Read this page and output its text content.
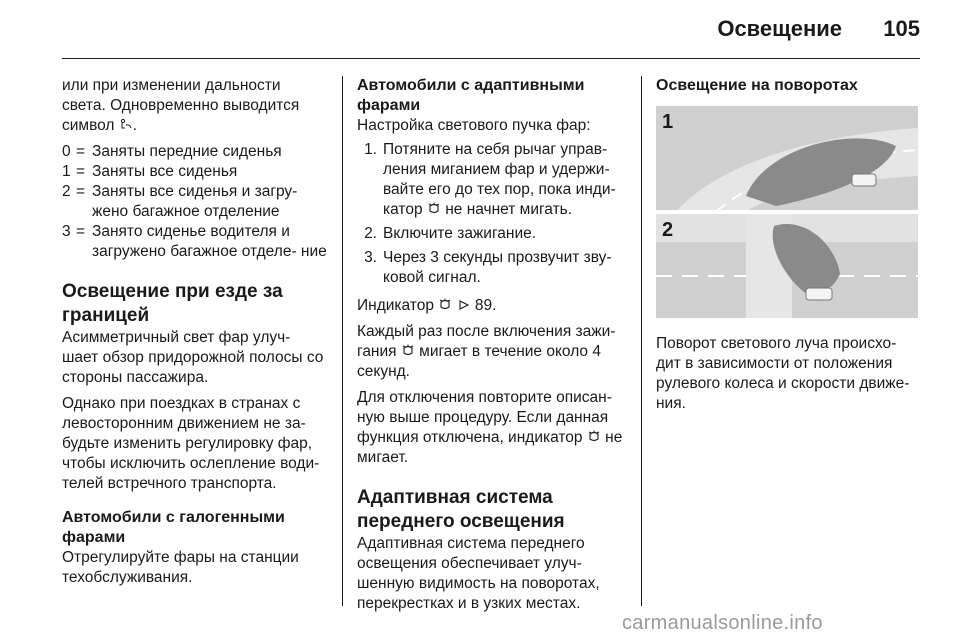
Освещение 105

или при изменении дальности

света. Одновременно выводится

символ .

0 = Заняты передние сиденья
1 = Заняты все сиденья
2 = Заняты все сиденья и загру‑ жено багажное отделение
3 = Занято сиденье водителя и загружено багажное отделе‑ ние
Освещение при езде за границей

Асимметричный свет фар улуч‑ шает обзор придорожной полосы со стороны пассажира.

Однако при поездках в странах с левосторонним движением не за‑ будьте изменить регулировку фар, чтобы исключить ослепление води‑ телей встречного транспорта.

Автомобили с галогенными фарами

Отрегулируйте фары на станции техобслуживания.

Автомобили с адаптивными фарами

Настройка светового пучка фар:

1. Потяните на себя рычаг управ‑ ления миганием фар и удержи‑ вайте его до тех пор, пока инди‑ катор не начнет мигать.
2. Включите зажигание.
3. Через 3 секунды прозвучит зву‑ ковой сигнал.

Индикатор	89.

Каждый раз после включения зажи‑ гания мигает в течение около 4 секунд.

Для отключения повторите описан‑ ную выше процедуру. Если данная функция отключена, индикатор не мигает.

Адаптивная система переднего освещения

Адаптивная система переднего освещения обеспечивает улуч‑ шенную видимость на поворотах, перекрестках и в узких местах.

Освещение на поворотах
1
2

Поворот светового луча происхо‑ дит в зависимости от положения рулевого колеса и скорости движе‑ ния.

carmanualsonline.info
